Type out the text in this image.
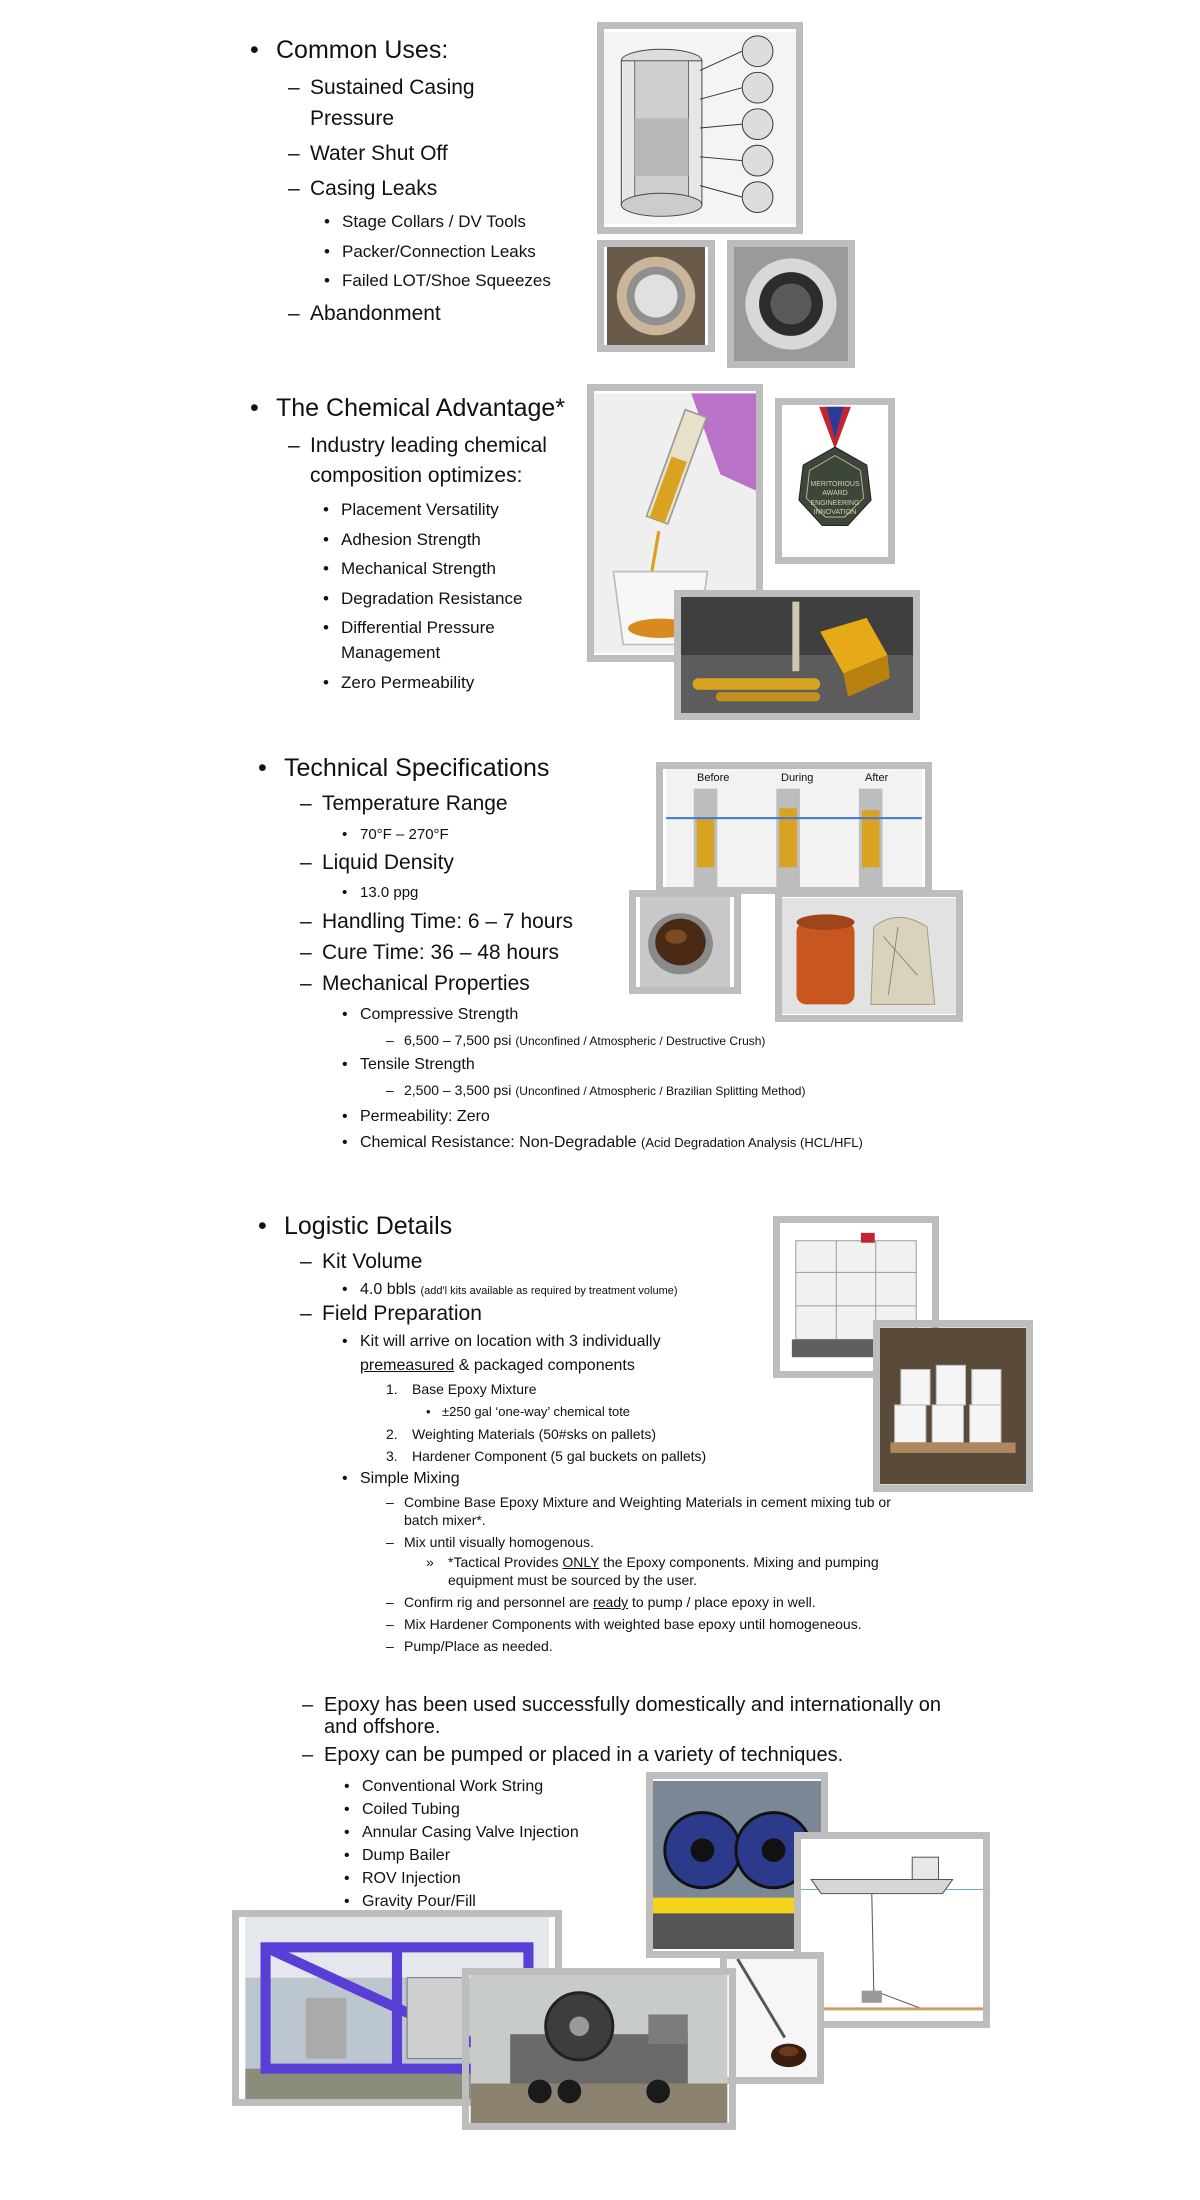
• Common Uses:
– Sustained Casing
Pressure
– Water Shut Off
– Casing Leaks
• Stage Collars / DV Tools
• Packer/Connection Leaks
• Failed LOT/Shoe Squeezes
– Abandonment
• The Chemical Advantage*
– Industry leading chemical
composition optimizes:
• Placement Versatility
• Adhesion Strength
• Mechanical Strength
• Degradation Resistance
• Differential Pressure
Management
• Zero Permeability
MERITORIOUS
AWARD
ENGINEERING
INNOVATION
• Technical Specifications
– Temperature Range
• 70°F – 270°F
– Liquid Density
• 13.0 ppg
– Handling Time: 6 – 7 hours
– Cure Time: 36 – 48 hours
– Mechanical Properties
• Compressive Strength
– 6,500 – 7,500 psi (Unconfined / Atmospheric / Destructive Crush)
• Tensile Strength
– 2,500 – 3,500 psi (Unconfined / Atmospheric / Brazilian Splitting Method)
• Permeability: Zero
• Chemical Resistance: Non-Degradable (Acid Degradation Analysis (HCL/HFL)
Before	During	After
• Logistic Details
– Kit Volume
• 4.0 bbls (add'l kits available as required by treatment volume)
– Field Preparation
• Kit will arrive on location with 3 individually
premeasured & packaged components
1. Base Epoxy Mixture
• ±250 gal ‘one-way’ chemical tote
2. Weighting Materials (50#sks on pallets)
3. Hardener Component (5 gal buckets on pallets)
• Simple Mixing
– Combine Base Epoxy Mixture and Weighting Materials in cement mixing tub or
batch mixer*.
– Mix until visually homogenous.
» *Tactical Provides ONLY the Epoxy components. Mixing and pumping
equipment must be sourced by the user.
– Confirm rig and personnel are ready to pump / place epoxy in well.
– Mix Hardener Components with weighted base epoxy until homogeneous.
– Pump/Place as needed.
– Epoxy has been used successfully domestically and internationally on
and offshore.
– Epoxy can be pumped or placed in a variety of techniques.
• Conventional Work String
• Coiled Tubing
• Annular Casing Valve Injection
• Dump Bailer
• ROV Injection
• Gravity Pour/Fill
